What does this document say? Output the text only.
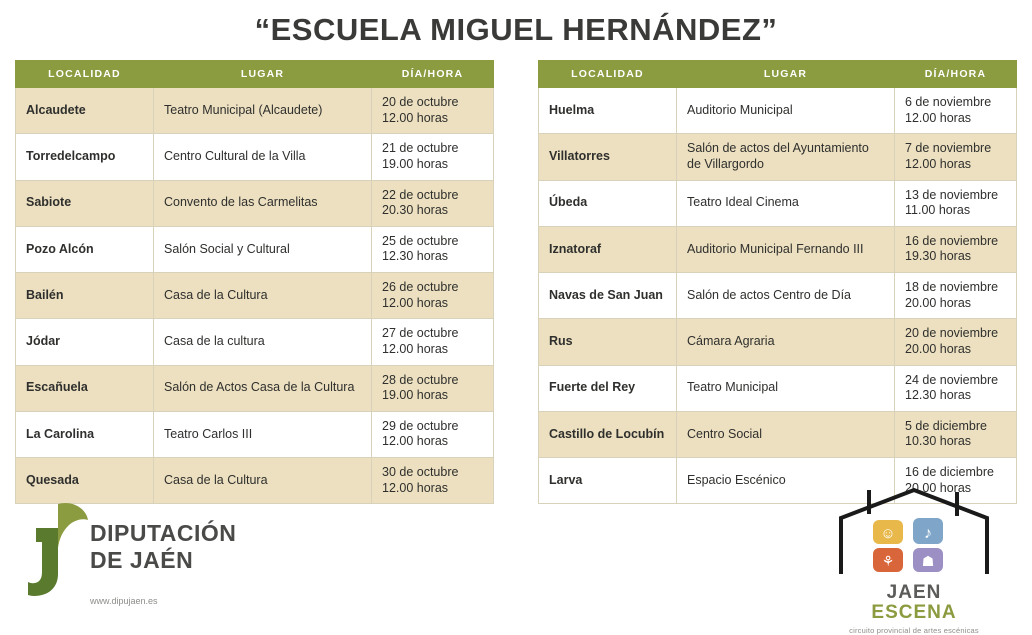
“ESCUELA MIGUEL HERNÁNDEZ”
LOCALIDAD	LUGAR	DÍA/HORA
Alcaudete	Teatro Municipal (Alcaudete)	20 de octubre
12.00 horas

Torredelcampo	Centro Cultural de la Villa	21 de octubre
19.00 horas

Sabiote	Convento de las Carmelitas	22 de octubre
20.30 horas

Pozo Alcón	Salón Social y Cultural	25 de octubre
12.30 horas

Bailén	Casa de la Cultura	26 de octubre
12.00 horas

Jódar	Casa de la cultura	27 de octubre
12.00 horas

Escañuela	Salón de Actos Casa de la Cultura	28 de octubre
19.00 horas

La Carolina	Teatro Carlos III	29 de octubre
12.00 horas

Quesada	Casa de la Cultura	30 de octubre
12.00 horas
LOCALIDAD	LUGAR	DÍA/HORA
Huelma	Auditorio Municipal	6 de noviembre
12.00 horas

Villatorres	Salón de actos del Ayuntamiento de Villargordo	7 de noviembre
12.00 horas

Úbeda	Teatro Ideal Cinema	13 de noviembre
11.00 horas

Iznatoraf	Auditorio Municipal Fernando III	16 de noviembre
19.30 horas

Navas de San Juan	Salón de actos Centro de Día	18 de noviembre
20.00 horas

Rus	Cámara Agraria	20 de noviembre
20.00 horas

Fuerte del Rey	Teatro Municipal	24 de noviembre
12.30 horas

Castillo de Locubín	Centro Social	5 de diciembre
10.30 horas

Larva	Espacio Escénico	16 de diciembre
20.00 horas
DIPUTACIÓN
DE JAÉN
www.dipujaen.es
☺ ♪
⚘ ☗
JAEN
ESCENA
circuito provincial de artes escénicas
